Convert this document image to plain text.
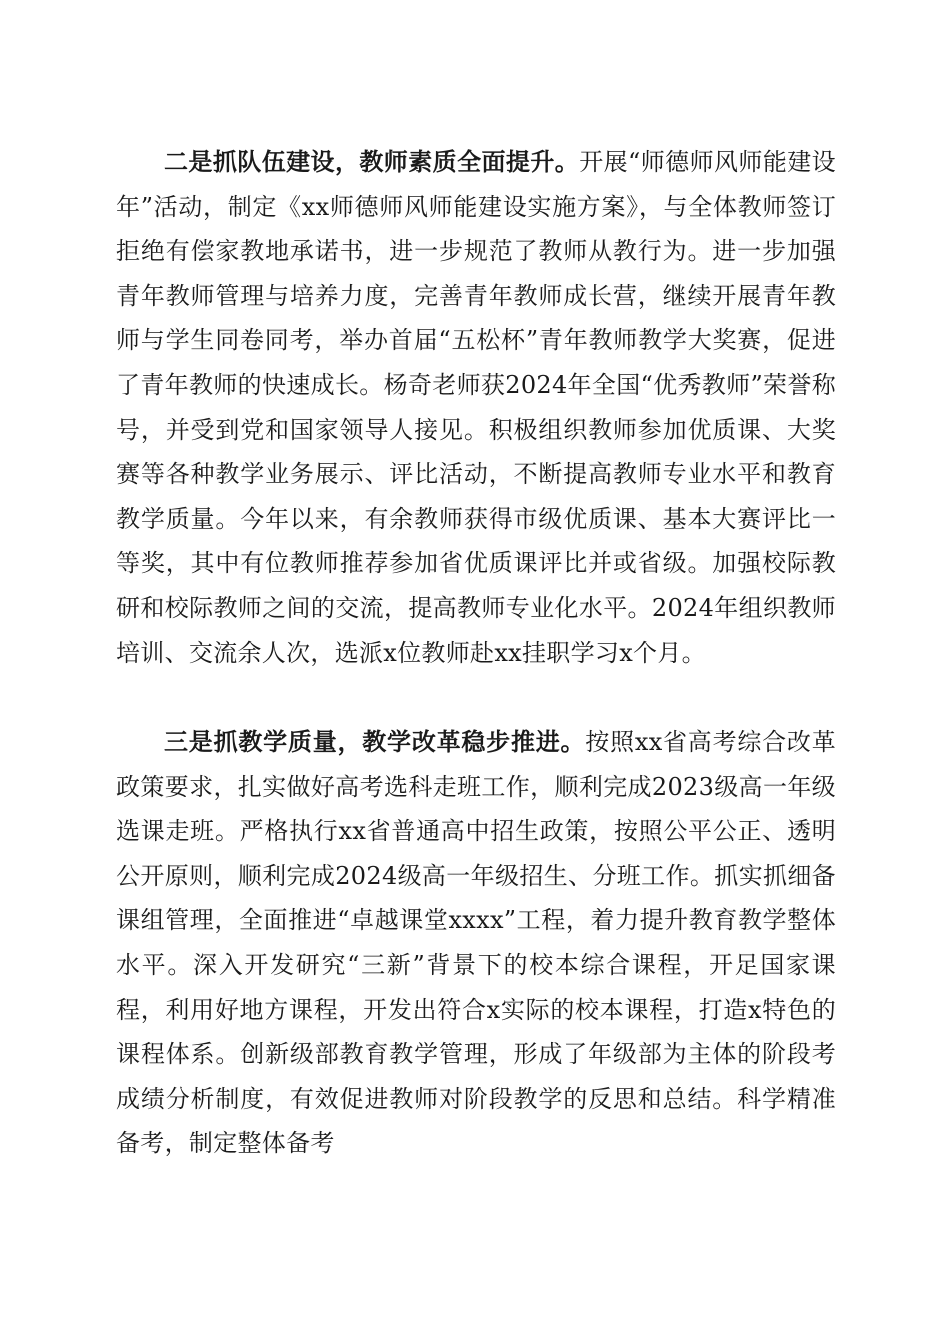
二是抓队伍建设，教师素质全面提升。开展“师德师风师能建设年”活动，制定《xx师德师风师能建设实施方案》，与全体教师签订拒绝有偿家教地承诺书，进一步规范了教师从教行为。进一步加强青年教师管理与培养力度，完善青年教师成长营，继续开展青年教师与学生同卷同考，举办首届“五松杯”青年教师教学大奖赛，促进了青年教师的快速成长。杨奇老师获2024年全国“优秀教师”荣誉称号，并受到党和国家领导人接见。积极组织教师参加优质课、大奖赛等各种教学业务展示、评比活动，不断提高教师专业水平和教育教学质量。今年以来，有余教师获得市级优质课、基本大赛评比一等奖，其中有位教师推荐参加省优质课评比并或省级。加强校际教研和校际教师之间的交流，提高教师专业化水平。2024年组织教师培训、交流余人次，选派x位教师赴xx挂职学习x个月。

三是抓教学质量，教学改革稳步推进。按照xx省高考综合改革政策要求，扎实做好高考选科走班工作，顺利完成2023级高一年级选课走班。严格执行xx省普通高中招生政策，按照公平公正、透明公开原则，顺利完成2024级高一年级招生、分班工作。抓实抓细备课组管理，全面推进“卓越课堂xxxx”工程，着力提升教育教学整体水平。深入开发研究“三新”背景下的校本综合课程，开足国家课程，利用好地方课程，开发出符合x实际的校本课程，打造x特色的课程体系。创新级部教育教学管理，形成了年级部为主体的阶段考成绩分析制度，有效促进教师对阶段教学的反思和总结。科学精准备考，制定整体备考
